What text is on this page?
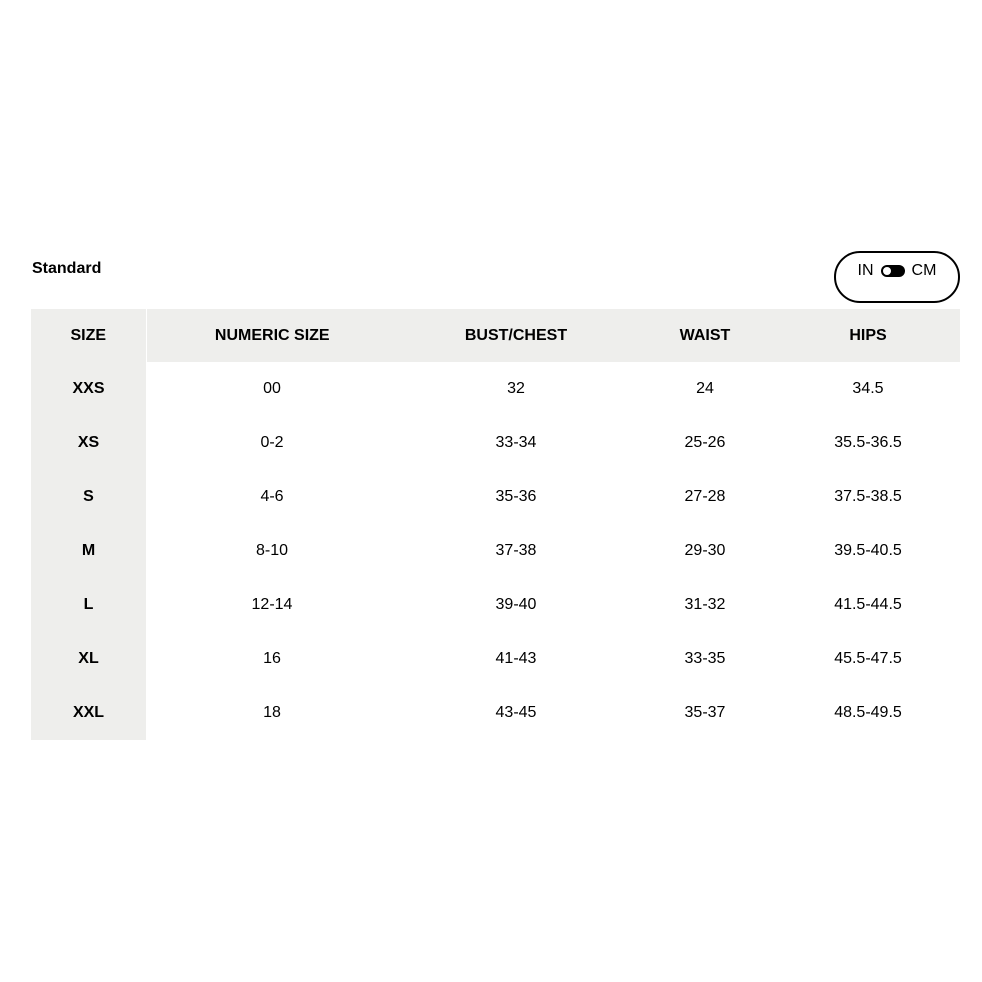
Standard	IN CM
SIZE	NUMERIC SIZE	BUST/CHEST	WAIST	HIPS
XXS	00	32	24	34.5
XS	0-2	33-34	25-26	35.5-36.5
S	4-6	35-36	27-28	37.5-38.5
M	8-10	37-38	29-30	39.5-40.5
L	12-14	39-40	31-32	41.5-44.5
XL	16	41-43	33-35	45.5-47.5
XXL	18	43-45	35-37	48.5-49.5
